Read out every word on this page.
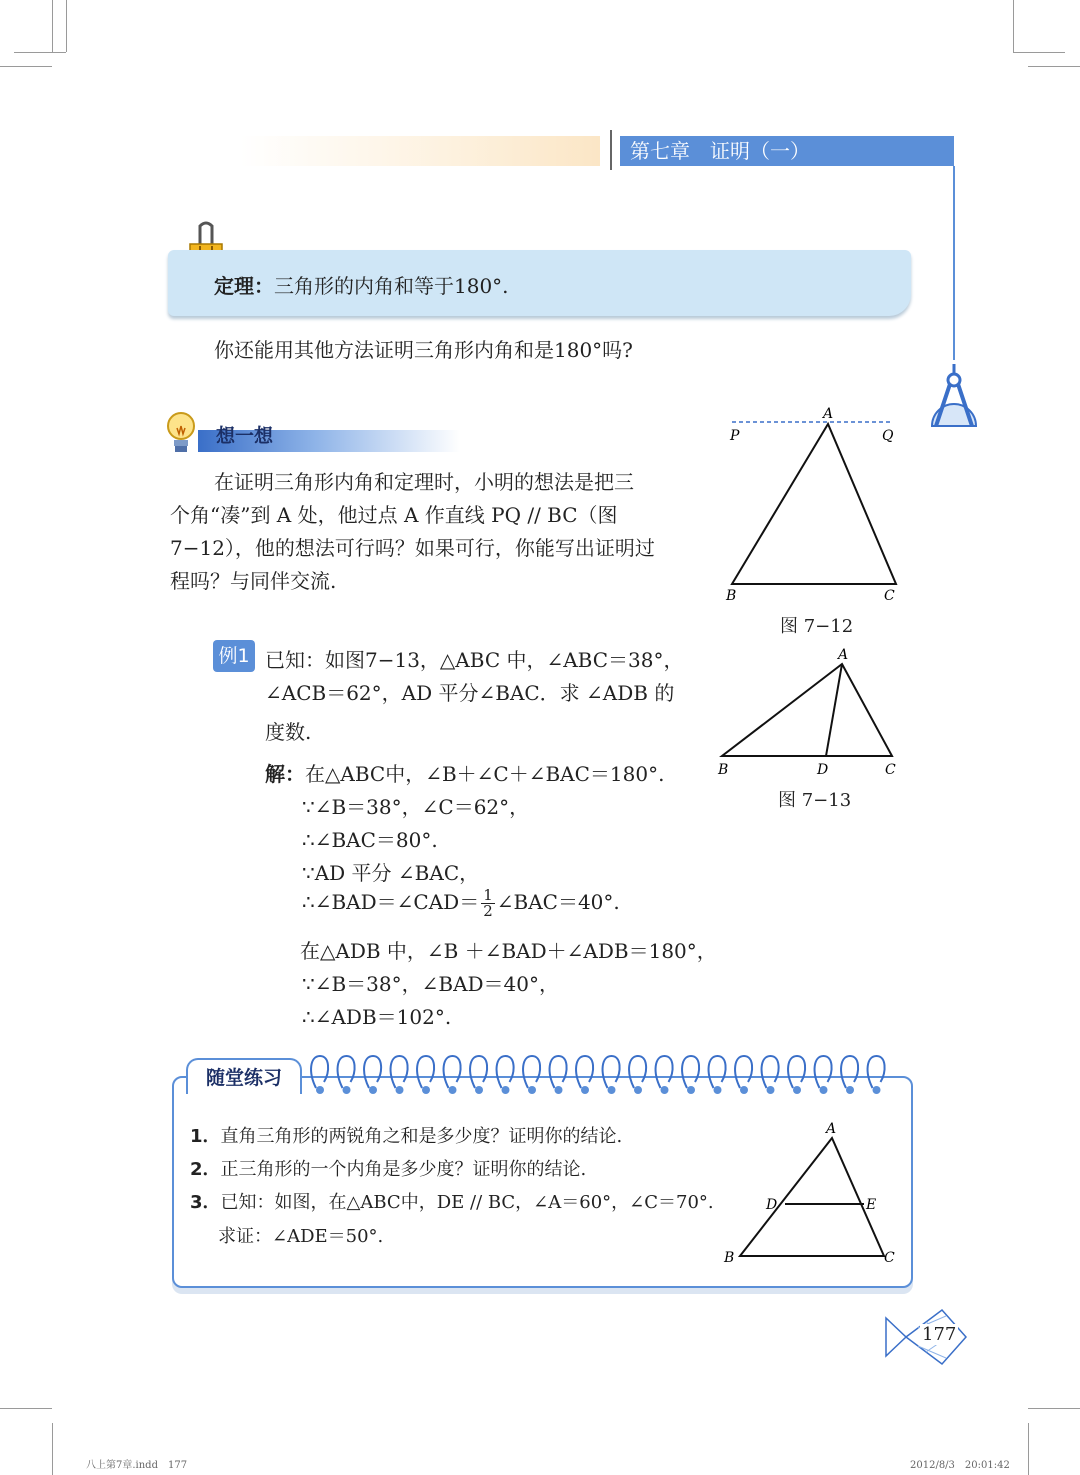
第七章　证明（一）
定理：三角形的内角和等于180°.
你还能用其他方法证明三角形内角和是180°吗?
想一想
在证明三角形内角和定理时，小明的想法是把三
个角“凑”到 A 处，他过点 A 作直线 PQ // BC（图
7−12），他的想法可行吗？如果可行，你能写出证明过
程吗？与同伴交流.
A
P	Q
B	C
图 7−12
例1 已知：如图7−13，△ABC 中，∠ABC＝38°，
∠ACB＝62°，AD 平分∠BAC．求 ∠ADB 的
度数.
A
B	D	C
图 7−13
解：在△ABC中，∠B＋∠C＋∠BAC＝180°.
∵∠B＝38°，∠C＝62°，
∴∠BAC＝80°.
∵AD 平分 ∠BAC，
∴∠BAD＝∠CAD＝ $\frac{1}{2}$ ∠BAC＝40°.
在△ADB 中，∠B ＋∠BAD＋∠ADB＝180°，
∵∠B＝38°，∠BAD＝40°，
∴∠ADB＝102°.
随堂练习
1．直角三角形的两锐角之和是多少度？证明你的结论.
2．正三角形的一个内角是多少度？证明你的结论.
3．已知：如图，在△ABC中，DE // BC，∠A＝60°，∠C＝70°.
求证：∠ADE＝50°.
A
D	E
B	C
177
八上第7章.indd　177	2012/8/3　20:01:42
